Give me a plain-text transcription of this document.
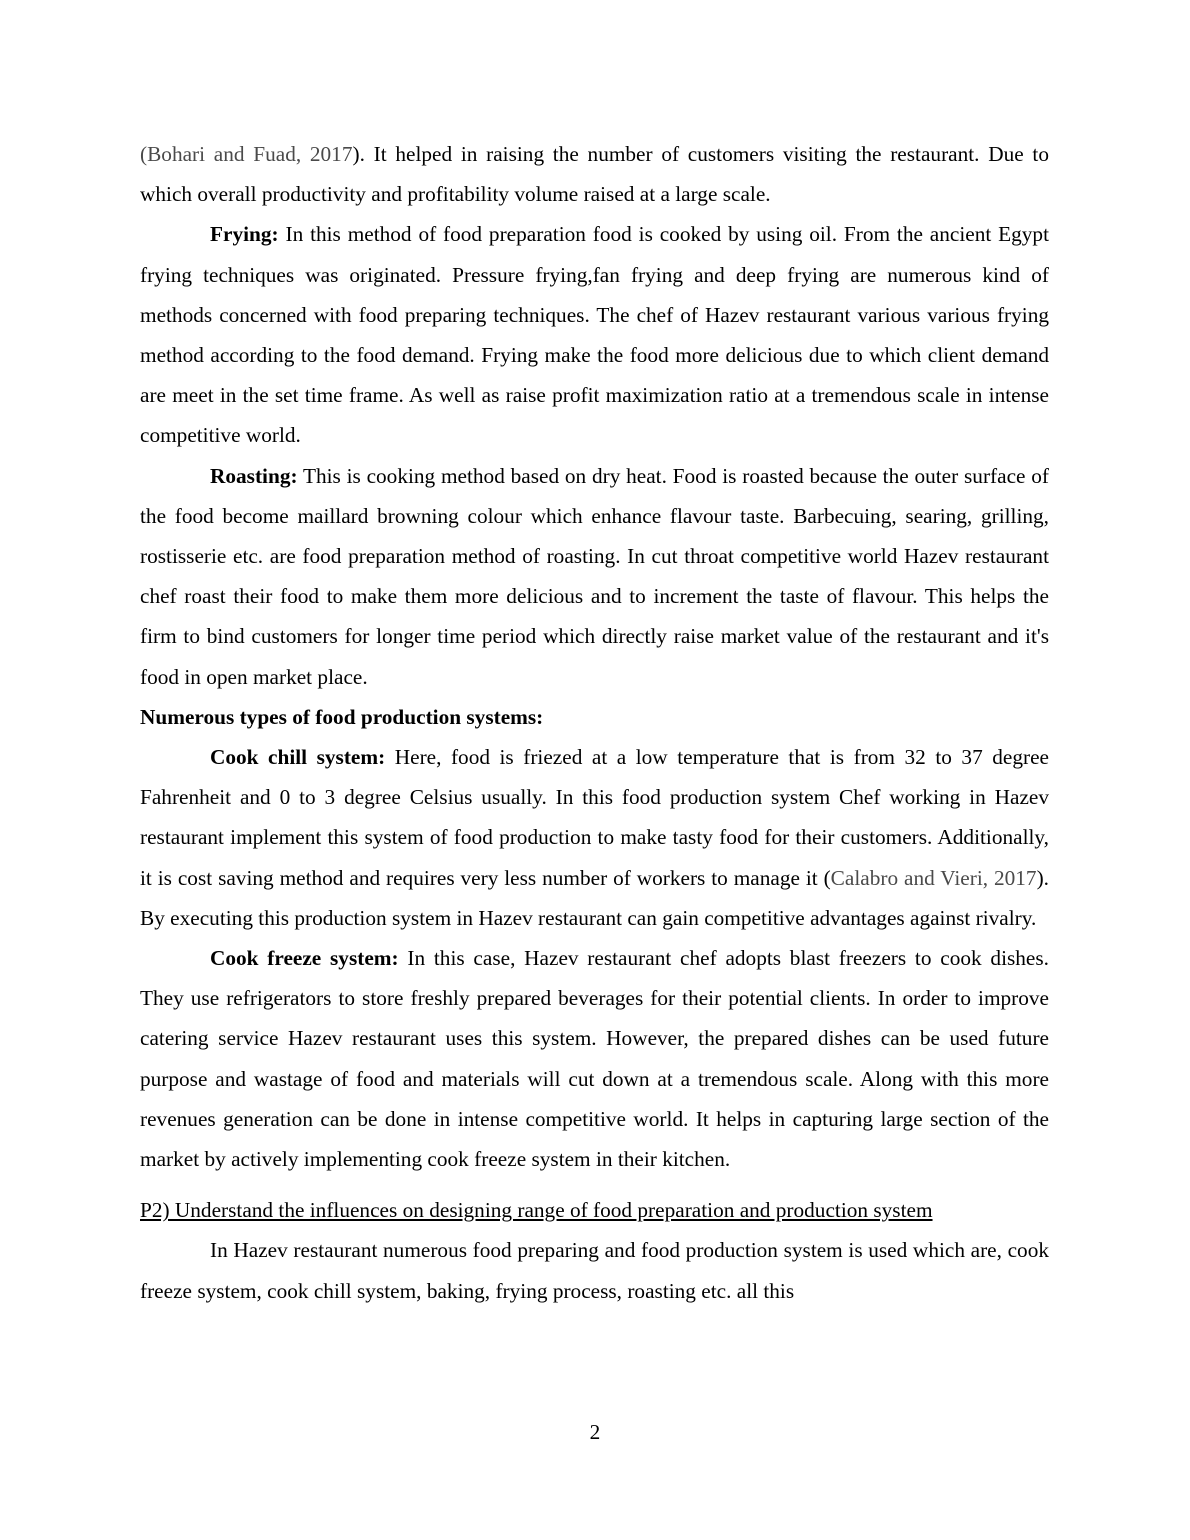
(Bohari and Fuad, 2017). It helped in raising the number of customers visiting the restaurant. Due to which overall productivity and profitability volume raised at a large scale.

Frying: In this method of food preparation food is cooked by using oil. From the ancient Egypt frying techniques was originated. Pressure frying,fan frying and deep frying are numerous kind of methods concerned with food preparing techniques. The chef of Hazev restaurant various various frying method according to the food demand. Frying make the food more delicious due to which client demand are meet in the set time frame. As well as raise profit maximization ratio at a tremendous scale in intense competitive world.

Roasting: This is cooking method based on dry heat. Food is roasted because the outer surface of the food become maillard browning colour which enhance flavour taste. Barbecuing, searing, grilling, rostisserie etc. are food preparation method of roasting. In cut throat competitive world Hazev restaurant chef roast their food to make them more delicious and to increment the taste of flavour. This helps the firm to bind customers for longer time period which directly raise market value of the restaurant and it's food in open market place.

Numerous types of food production systems:

Cook chill system: Here, food is friezed at a low temperature that is from 32 to 37 degree Fahrenheit and 0 to 3 degree Celsius usually. In this food production system Chef working in Hazev restaurant implement this system of food production to make tasty food for their customers. Additionally, it is cost saving method and requires very less number of workers to manage it (Calabro and Vieri, 2017). By executing this production system in Hazev restaurant can gain competitive advantages against rivalry.

Cook freeze system: In this case, Hazev restaurant chef adopts blast freezers to cook dishes. They use refrigerators to store freshly prepared beverages for their potential clients. In order to improve catering service Hazev restaurant uses this system. However, the prepared dishes can be used future purpose and wastage of food and materials will cut down at a tremendous scale. Along with this more revenues generation can be done in intense competitive world. It helps in capturing large section of the market by actively implementing cook freeze system in their kitchen.

P2) Understand the influences on designing range of food preparation and production system

In Hazev restaurant numerous food preparing and food production system is used which are, cook freeze system, cook chill system, baking, frying process, roasting etc. all this

2
